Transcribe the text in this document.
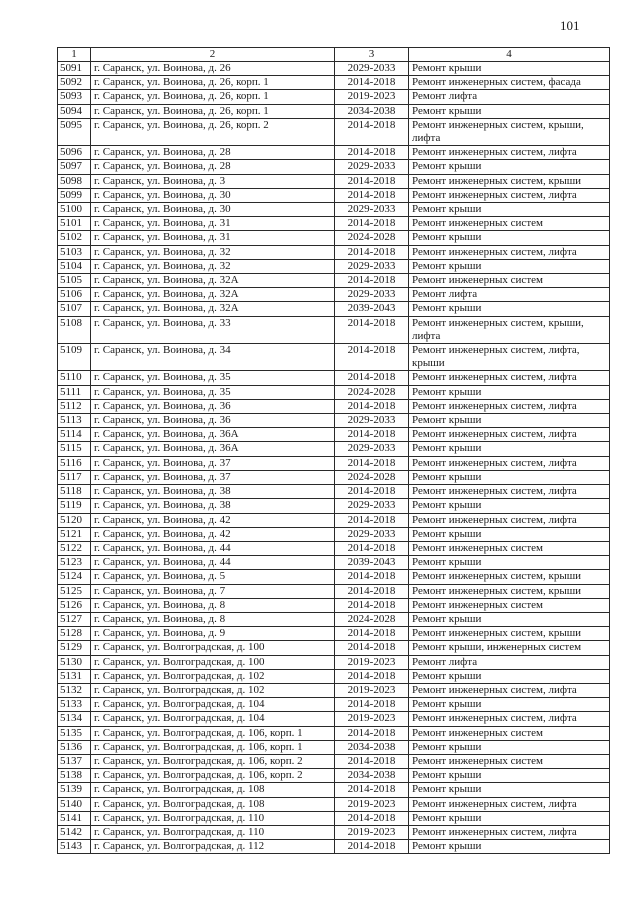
101
1	2	3	4
5091	г. Саранск, ул. Воинова, д. 26	2029-2033	Ремонт крыши
5092	г. Саранск, ул. Воинова, д. 26, корп. 1	2014-2018	Ремонт инженерных систем, фасада
5093	г. Саранск, ул. Воинова, д. 26, корп. 1	2019-2023	Ремонт лифта
5094	г. Саранск, ул. Воинова, д. 26, корп. 1	2034-2038	Ремонт крыши
5095	г. Саранск, ул. Воинова, д. 26, корп. 2	2014-2018	Ремонт инженерных систем, крыши, лифта
5096	г. Саранск, ул. Воинова, д. 28	2014-2018	Ремонт инженерных систем, лифта
5097	г. Саранск, ул. Воинова, д. 28	2029-2033	Ремонт крыши
5098	г. Саранск, ул. Воинова, д. 3	2014-2018	Ремонт инженерных систем, крыши
5099	г. Саранск, ул. Воинова, д. 30	2014-2018	Ремонт инженерных систем, лифта
5100	г. Саранск, ул. Воинова, д. 30	2029-2033	Ремонт крыши
5101	г. Саранск, ул. Воинова, д. 31	2014-2018	Ремонт инженерных систем
5102	г. Саранск, ул. Воинова, д. 31	2024-2028	Ремонт крыши
5103	г. Саранск, ул. Воинова, д. 32	2014-2018	Ремонт инженерных систем, лифта
5104	г. Саранск, ул. Воинова, д. 32	2029-2033	Ремонт крыши
5105	г. Саранск, ул. Воинова, д. 32А	2014-2018	Ремонт инженерных систем
5106	г. Саранск, ул. Воинова, д. 32А	2029-2033	Ремонт лифта
5107	г. Саранск, ул. Воинова, д. 32А	2039-2043	Ремонт крыши
5108	г. Саранск, ул. Воинова, д. 33	2014-2018	Ремонт инженерных систем, крыши, лифта
5109	г. Саранск, ул. Воинова, д. 34	2014-2018	Ремонт инженерных систем, лифта, крыши
5110	г. Саранск, ул. Воинова, д. 35	2014-2018	Ремонт инженерных систем, лифта
5111	г. Саранск, ул. Воинова, д. 35	2024-2028	Ремонт крыши
5112	г. Саранск, ул. Воинова, д. 36	2014-2018	Ремонт инженерных систем, лифта
5113	г. Саранск, ул. Воинова, д. 36	2029-2033	Ремонт крыши
5114	г. Саранск, ул. Воинова, д. 36А	2014-2018	Ремонт инженерных систем, лифта
5115	г. Саранск, ул. Воинова, д. 36А	2029-2033	Ремонт крыши
5116	г. Саранск, ул. Воинова, д. 37	2014-2018	Ремонт инженерных систем, лифта
5117	г. Саранск, ул. Воинова, д. 37	2024-2028	Ремонт крыши
5118	г. Саранск, ул. Воинова, д. 38	2014-2018	Ремонт инженерных систем, лифта
5119	г. Саранск, ул. Воинова, д. 38	2029-2033	Ремонт крыши
5120	г. Саранск, ул. Воинова, д. 42	2014-2018	Ремонт инженерных систем, лифта
5121	г. Саранск, ул. Воинова, д. 42	2029-2033	Ремонт крыши
5122	г. Саранск, ул. Воинова, д. 44	2014-2018	Ремонт инженерных систем
5123	г. Саранск, ул. Воинова, д. 44	2039-2043	Ремонт крыши
5124	г. Саранск, ул. Воинова, д. 5	2014-2018	Ремонт инженерных систем, крыши
5125	г. Саранск, ул. Воинова, д. 7	2014-2018	Ремонт инженерных систем, крыши
5126	г. Саранск, ул. Воинова, д. 8	2014-2018	Ремонт инженерных систем
5127	г. Саранск, ул. Воинова, д. 8	2024-2028	Ремонт крыши
5128	г. Саранск, ул. Воинова, д. 9	2014-2018	Ремонт инженерных систем, крыши
5129	г. Саранск, ул. Волгоградская, д. 100	2014-2018	Ремонт крыши, инженерных систем
5130	г. Саранск, ул. Волгоградская, д. 100	2019-2023	Ремонт лифта
5131	г. Саранск, ул. Волгоградская, д. 102	2014-2018	Ремонт крыши
5132	г. Саранск, ул. Волгоградская, д. 102	2019-2023	Ремонт инженерных систем, лифта
5133	г. Саранск, ул. Волгоградская, д. 104	2014-2018	Ремонт крыши
5134	г. Саранск, ул. Волгоградская, д. 104	2019-2023	Ремонт инженерных систем, лифта
5135	г. Саранск, ул. Волгоградская, д. 106, корп. 1	2014-2018	Ремонт инженерных систем
5136	г. Саранск, ул. Волгоградская, д. 106, корп. 1	2034-2038	Ремонт крыши
5137	г. Саранск, ул. Волгоградская, д. 106, корп. 2	2014-2018	Ремонт инженерных систем
5138	г. Саранск, ул. Волгоградская, д. 106, корп. 2	2034-2038	Ремонт крыши
5139	г. Саранск, ул. Волгоградская, д. 108	2014-2018	Ремонт крыши
5140	г. Саранск, ул. Волгоградская, д. 108	2019-2023	Ремонт инженерных систем, лифта
5141	г. Саранск, ул. Волгоградская, д. 110	2014-2018	Ремонт крыши
5142	г. Саранск, ул. Волгоградская, д. 110	2019-2023	Ремонт инженерных систем, лифта
5143	г. Саранск, ул. Волгоградская, д. 112	2014-2018	Ремонт крыши
